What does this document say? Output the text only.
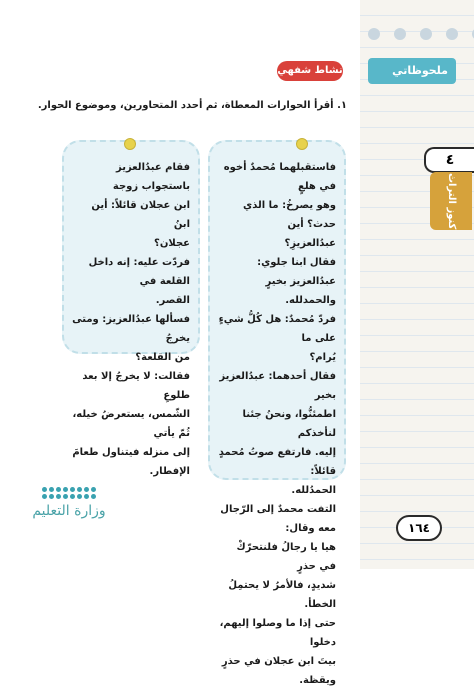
ملحوظاتي
٤
كنوز التراث
نشاط شفهي
١. أقرأ الحوارات المعطاة، ثم أحدد المتحاورين، وموضوع الحوار.

فاستقبلهما مُحمدٌ أخوه في هلعٍ

وهو يصرخُ: ما الذي حدث؟ أين

عبدُالعزيزِ؟

فقال ابنا جلوي: عبدُالعزيز بخيرٍ

والحمدلله.

فردّ مُحمدٌ: هل كُلُّ شيءٍ على ما

يُرام؟

فقال أحدهما: عبدُالعزيز بخير

اطمئنُّوا، ونحنُ جئنا لنأخذكم

إليه. فارتفع صوتُ مُحمدٍ قائلاً:

الحمدُلله.

التفت محمدٌ إلى الرّجال معه وقال:

هيا يا رجالُ فلنتحرّكْ في حذرٍ

شديدٍ، فالأمرُ لا يحتمِلُ الخطأ.

حتى إذا ما وصلوا إليهم، دخلوا

بيتَ ابن عجلان في حذرٍ ويقظة.

فقام عبدُالعزيز باستجواب زوجة

ابن عجلان قائلاً: أين ابنُ

عجلان؟

فردّت عليه: إنه داخل القلعة في

القصر.

فسألها عبدُالعزيز: ومتى يخرجُ

من القلعة؟

فقالت: لا يخرجُ إلا بعد طلوعِ

الشّمس، يستعرضُ خيله، ثُمّ يأتي

إلى منزله فيتناول طعامَ الإفطار.

١٦٤
وزارة التعليم
